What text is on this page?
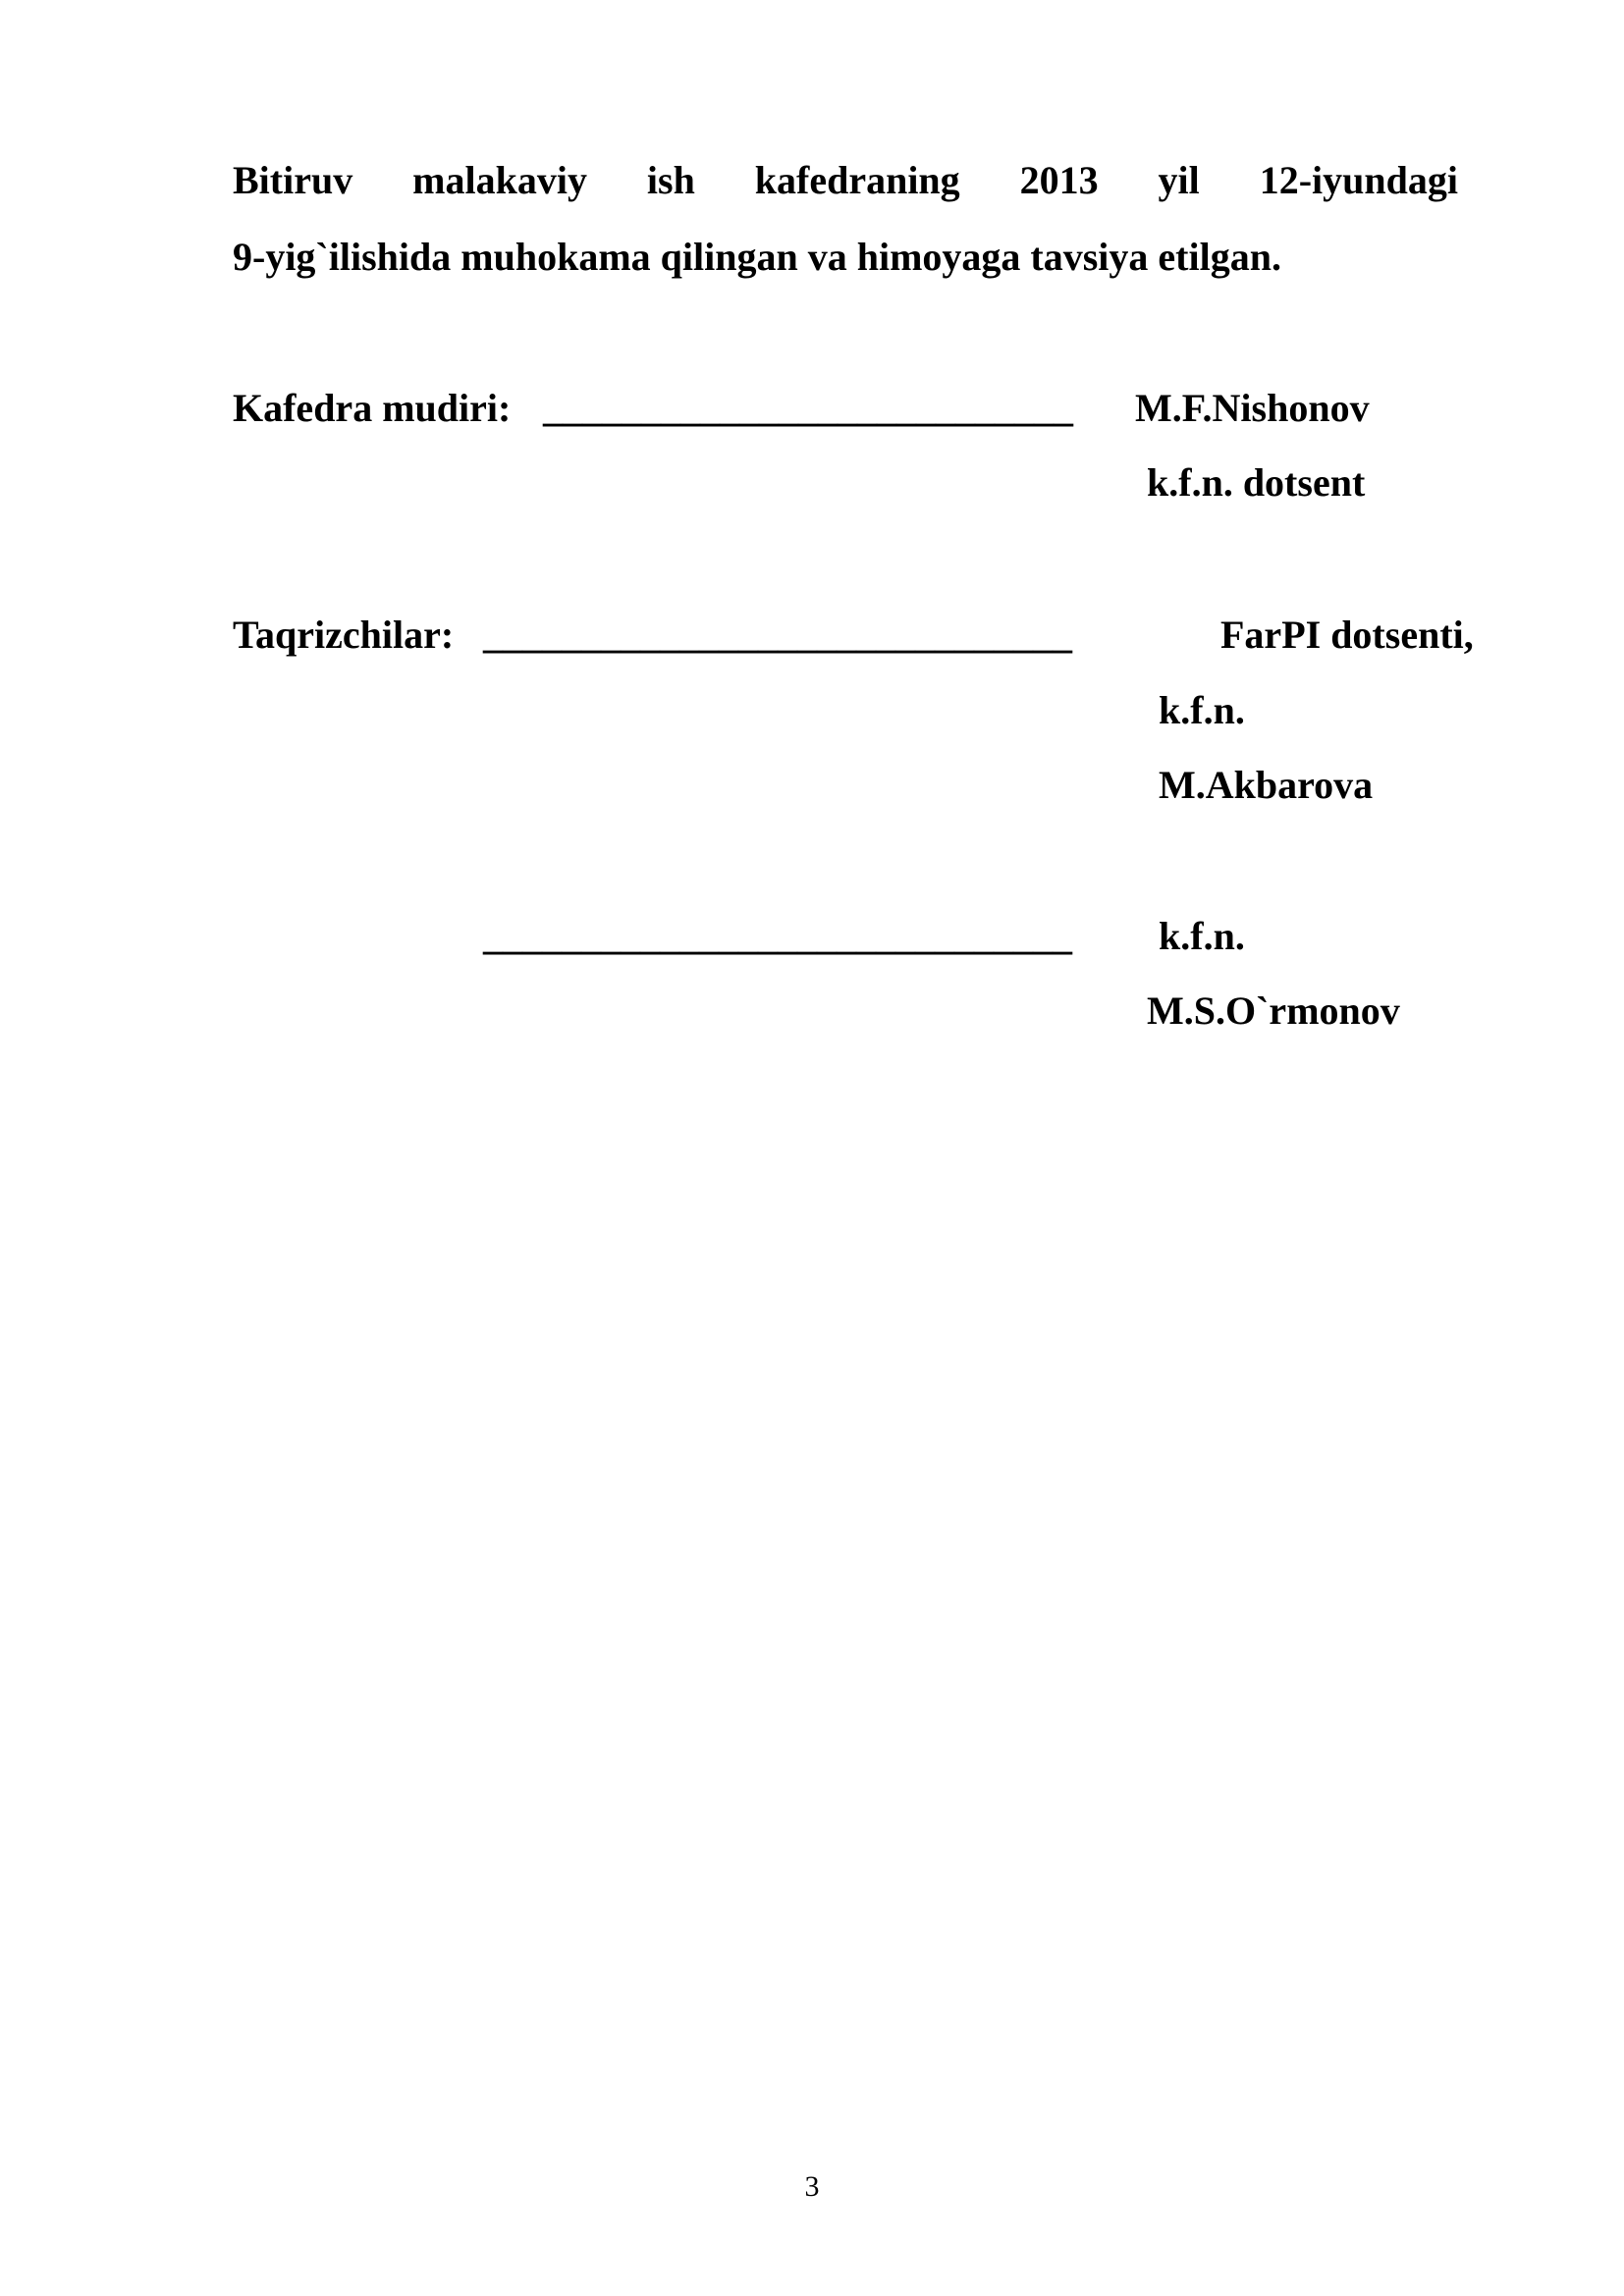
Bitiruv malakaviy ish kafedraning 2013 yil 12-iyundagi
9-yig`ilishida muhokama qilingan va himoyaga tavsiya etilgan.
Kafedra mudiri: ___________________________ M.F.Nishonov
k.f.n. dotsent
Taqrizchilar: ______________________________	FarPI dotsenti,
k.f.n.
M.Akbarova
______________________________ k.f.n.
M.S.O`rmonov
3
